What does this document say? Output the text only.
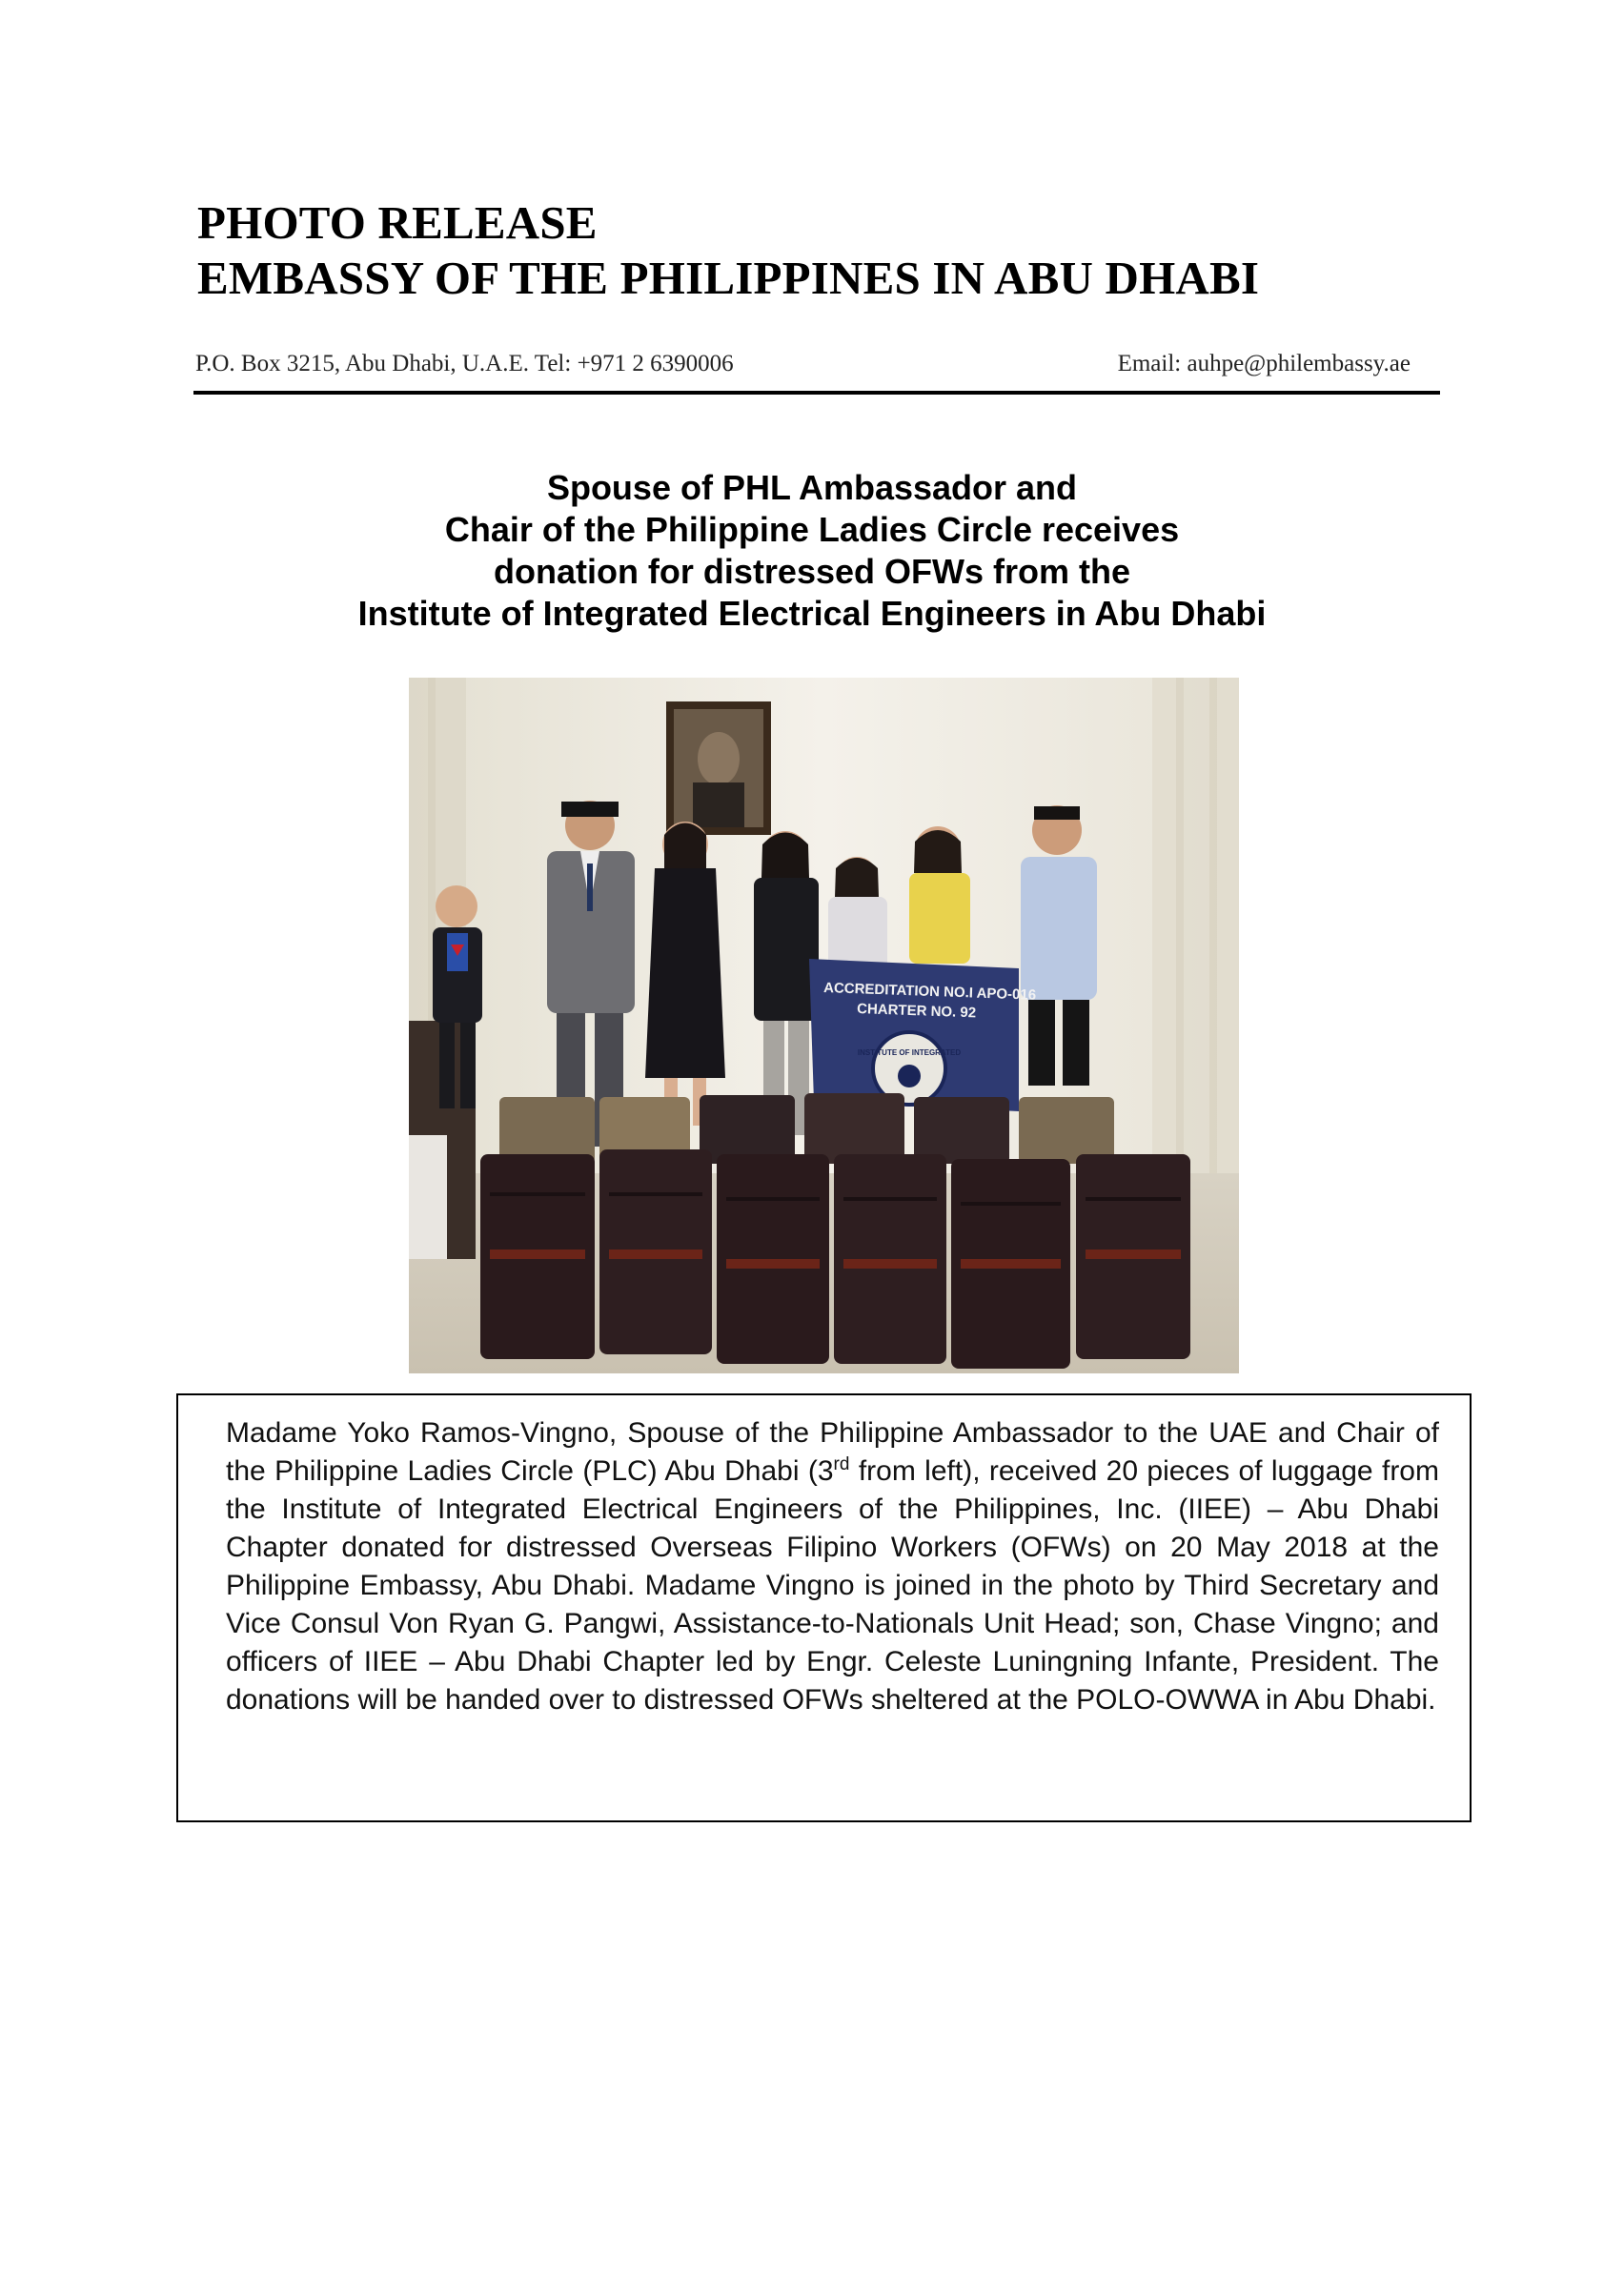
PHOTO RELEASE
EMBASSY OF THE PHILIPPINES IN ABU DHABI
P.O. Box 3215, Abu Dhabi, U.A.E. Tel: +971 2 6390006	Email: auhpe@philembassy.ae
Spouse of PHL Ambassador and
Chair of the Philippine Ladies Circle receives
donation for distressed OFWs from the
Institute of Integrated Electrical Engineers in Abu Dhabi
ACCREDITATION NO.I APO-016
CHARTER NO. 92
INSTITUTE OF INTEGRATED
Madame Yoko Ramos-Vingno, Spouse of the Philippine Ambassador to the UAE and Chair of the Philippine Ladies Circle (PLC) Abu Dhabi (3rd from left), received 20 pieces of luggage from the Institute of Integrated Electrical Engineers of the Philippines, Inc. (IIEE) – Abu Dhabi Chapter donated for distressed Overseas Filipino Workers (OFWs) on 20 May 2018 at the Philippine Embassy, Abu Dhabi. Madame Vingno is joined in the photo by Third Secretary and Vice Consul Von Ryan G. Pangwi, Assistance-to-Nationals Unit Head; son, Chase Vingno; and officers of IIEE – Abu Dhabi Chapter led by Engr. Celeste Luningning Infante, President. The donations will be handed over to distressed OFWs sheltered at the POLO-OWWA in Abu Dhabi.
